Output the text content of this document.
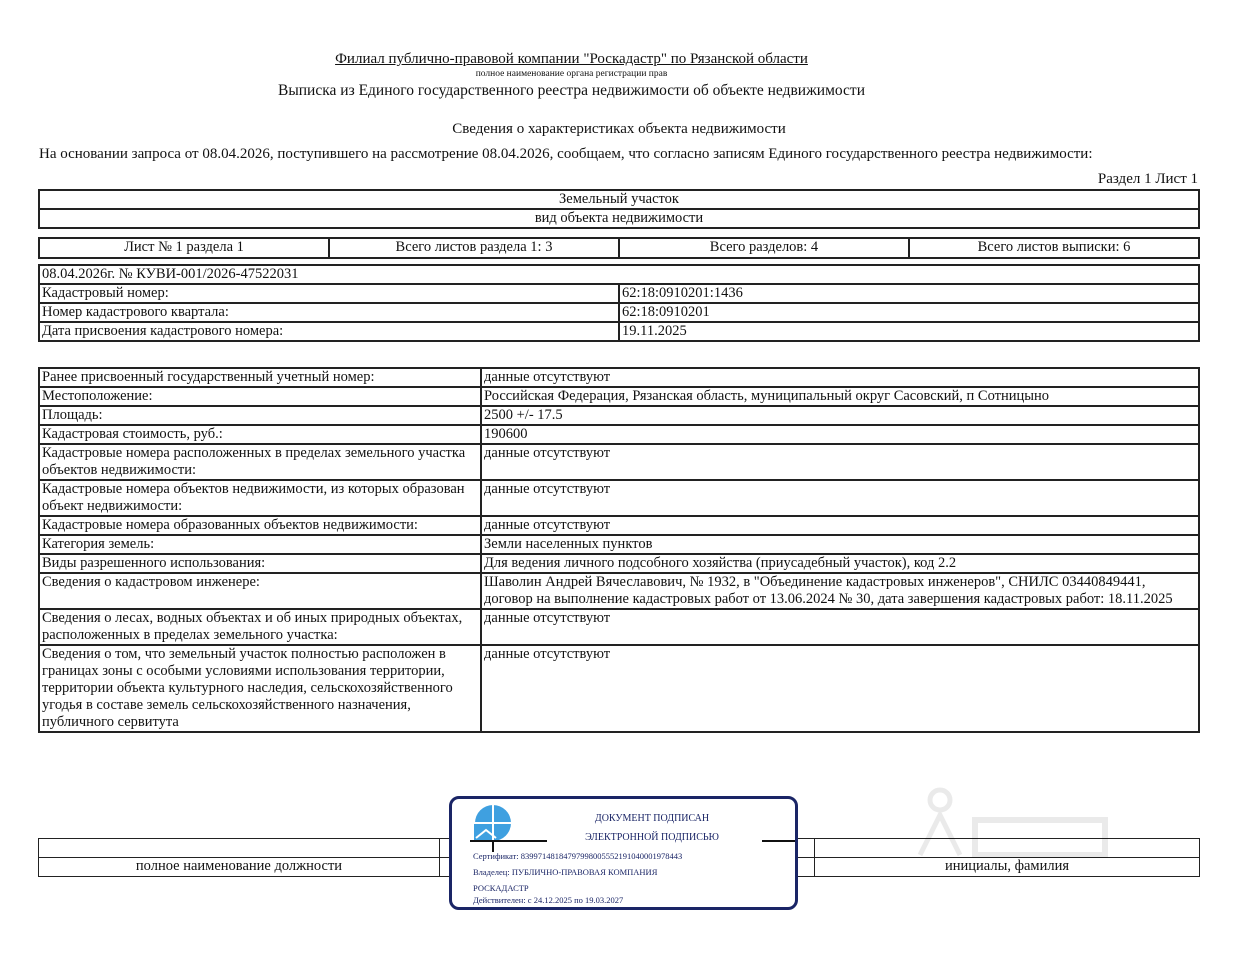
Филиал публично-правовой компании "Роскадастр" по Рязанской области
полное наименование органа регистрации прав
Выписка из Единого государственного реестра недвижимости об объекте недвижимости
Сведения о характеристиках объекта недвижимости
На основании запроса от 08.04.2026, поступившего на рассмотрение 08.04.2026, сообщаем, что согласно записям Единого государственного реестра недвижимости:
Раздел 1 Лист 1
Земельный участок
вид объекта недвижимости
Лист № 1 раздела 1	Всего листов раздела 1: 3	Всего разделов: 4	Всего листов выписки: 6
08.04.2026г. № КУВИ-001/2026-47522031	
Кадастровый номер:	62:18:0910201:1436
Номер кадастрового квартала:	62:18:0910201
Дата присвоения кадастрового номера:	19.11.2025
Ранее присвоенный государственный учетный номер:	данные отсутствуют
Местоположение:	Российская Федерация, Рязанская область, муниципальный округ Сасовский, п Сотницыно
Площадь:	2500 +/- 17.5
Кадастровая стоимость, руб.:	190600
Кадастровые номера расположенных в пределах земельного участка объектов недвижимости:	данные отсутствуют
Кадастровые номера объектов недвижимости, из которых образован объект недвижимости:	данные отсутствуют
Кадастровые номера образованных объектов недвижимости:	данные отсутствуют
Категория земель:	Земли населенных пунктов
Виды разрешенного использования:	Для ведения личного подсобного хозяйства (приусадебный участок), код 2.2
Сведения о кадастровом инженере:	Шаволин Андрей Вячеславович, № 1932, в "Объединение кадастровых инженеров", СНИЛС 03440849441, договор на выполнение кадастровых работ от 13.06.2024 № 30, дата завершения кадастровых работ: 18.11.2025
Сведения о лесах, водных объектах и об иных природных объектах, расположенных в пределах земельного участка:	данные отсутствуют
Сведения о том, что земельный участок полностью расположен в границах зоны с особыми условиями использования территории, территории объекта культурного наследия, сельскохозяйственного угодья в составе земель сельскохозяйственного назначения, публичного сервитута	данные отсутствуют

полное наименование должности		инициалы, фамилия
ДОКУМЕНТ ПОДПИСАН
ЭЛЕКТРОННОЙ ПОДПИСЬЮ
Сертификат: 8399714818479799800555219104000197844З
Владелец: ПУБЛИЧНО-ПРАВОВАЯ КОМПАНИЯ
РОСКАДАСТР
Действителен: с 24.12.2025 по 19.03.2027
